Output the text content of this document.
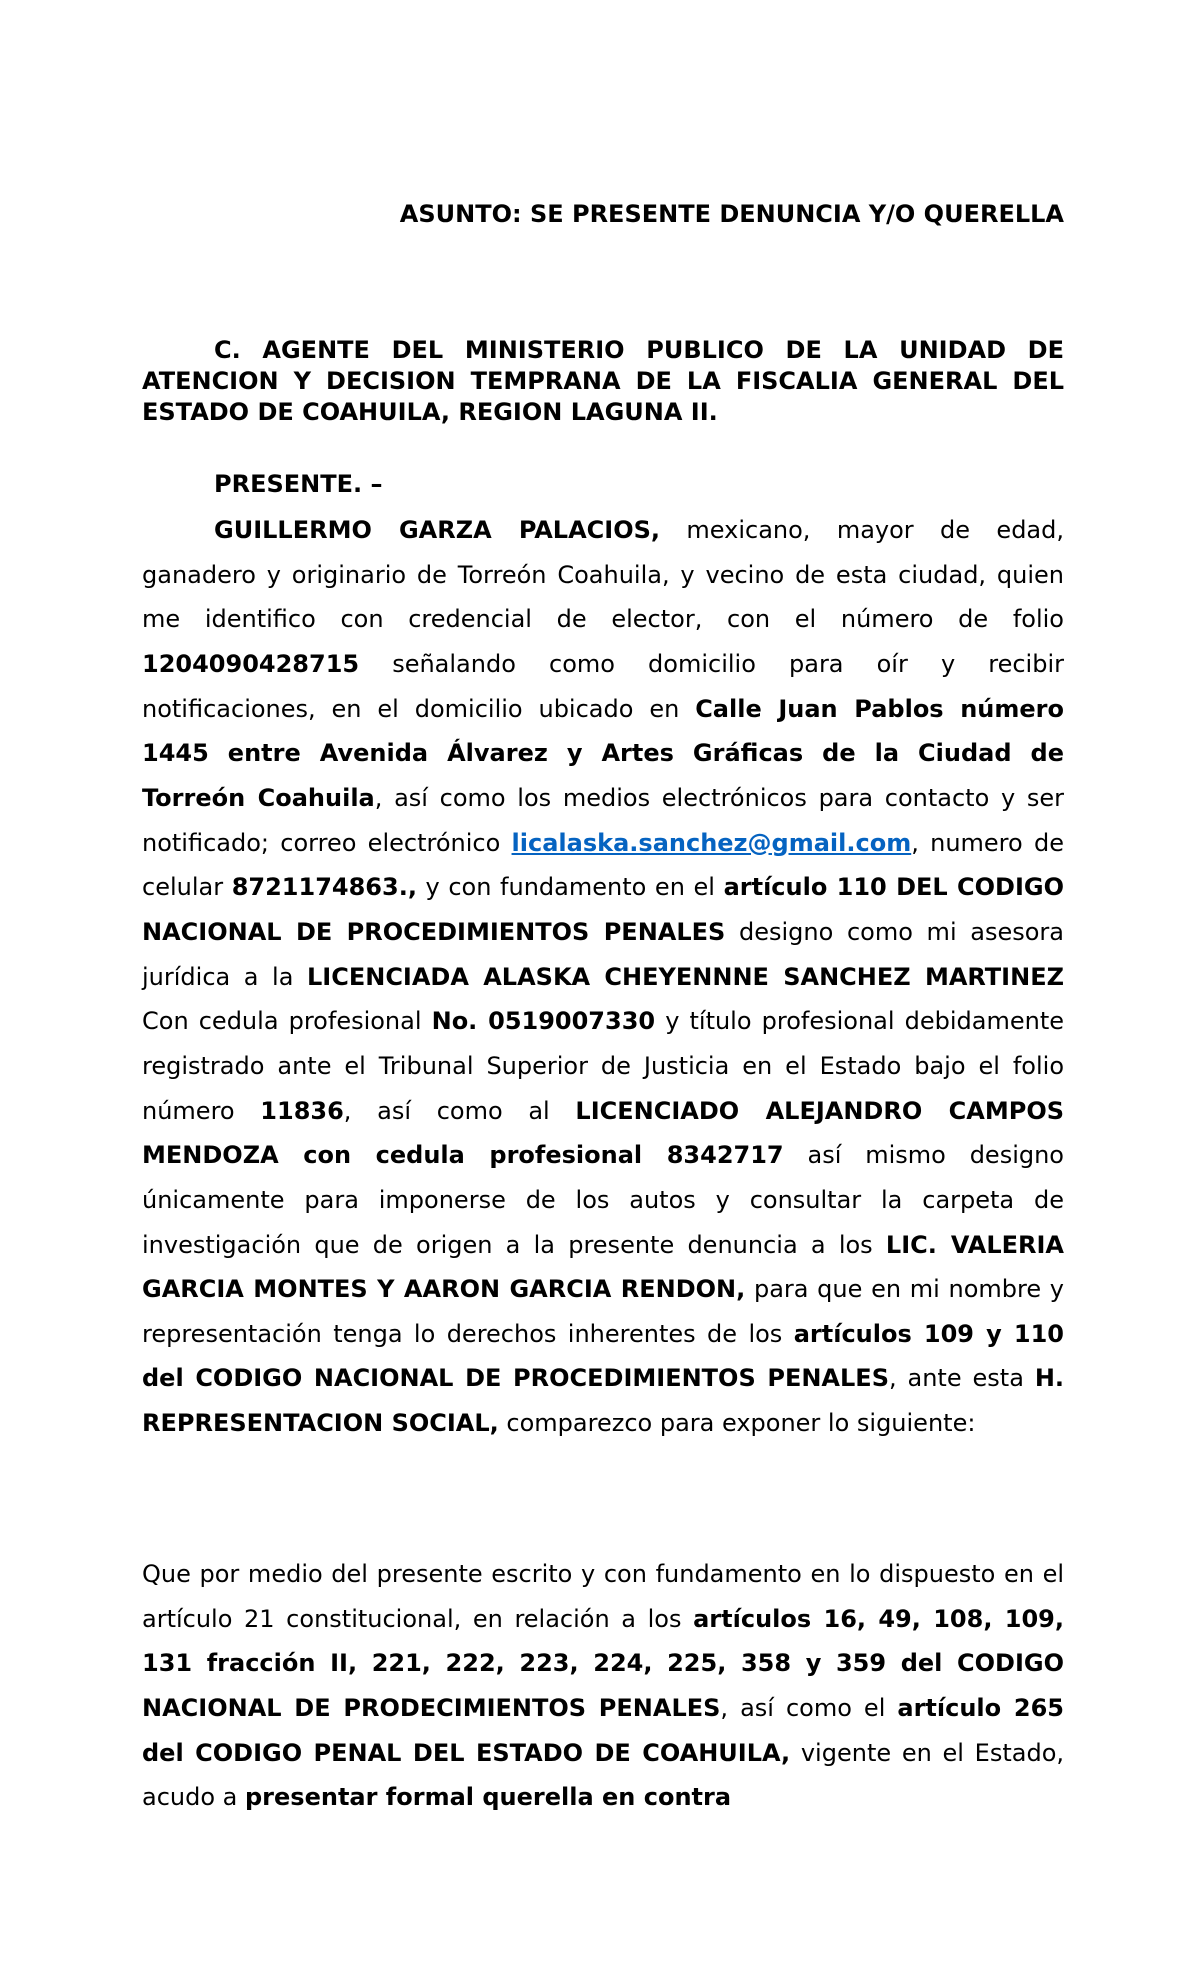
ASUNTO: SE PRESENTE DENUNCIA Y/O QUERELLA
C. AGENTE DEL MINISTERIO PUBLICO DE LA UNIDAD DE ATENCION Y DECISION TEMPRANA DE LA FISCALIA GENERAL DEL ESTADO DE COAHUILA, REGION LAGUNA II.
PRESENTE. –
GUILLERMO GARZA PALACIOS, mexicano, mayor de edad, ganadero y originario de Torreón Coahuila, y vecino de esta ciudad, quien me identifico con credencial de elector, con el número de folio 1204090428715 señalando como domicilio para oír y recibir notificaciones, en el domicilio ubicado en Calle Juan Pablos número 1445 entre Avenida Álvarez y Artes Gráficas de la Ciudad de Torreón Coahuila, así como los medios electrónicos para contacto y ser notificado; correo electrónico licalaska.sanchez@gmail.com, numero de celular 8721174863., y con fundamento en el artículo 110 DEL CODIGO NACIONAL DE PROCEDIMIENTOS PENALES designo como mi asesora jurídica a la LICENCIADA ALASKA CHEYENNNE SANCHEZ MARTINEZ Con cedula profesional No. 0519007330 y título profesional debidamente registrado ante el Tribunal Superior de Justicia en el Estado bajo el folio número 11836, así como al LICENCIADO ALEJANDRO CAMPOS MENDOZA con cedula profesional 8342717 así mismo designo únicamente para imponerse de los autos y consultar la carpeta de investigación que de origen a la presente denuncia a los LIC. VALERIA GARCIA MONTES Y AARON GARCIA RENDON, para que en mi nombre y representación tenga lo derechos inherentes de los artículos 109 y 110 del CODIGO NACIONAL DE PROCEDIMIENTOS PENALES, ante esta H. REPRESENTACION SOCIAL, comparezco para exponer lo siguiente:
Que por medio del presente escrito y con fundamento en lo dispuesto en el artículo 21 constitucional, en relación a los artículos 16, 49, 108, 109, 131 fracción II, 221, 222, 223, 224, 225, 358 y 359 del CODIGO NACIONAL DE PRODECIMIENTOS PENALES, así como el artículo 265 del CODIGO PENAL DEL ESTADO DE COAHUILA, vigente en el Estado, acudo a presentar formal querella en contra
